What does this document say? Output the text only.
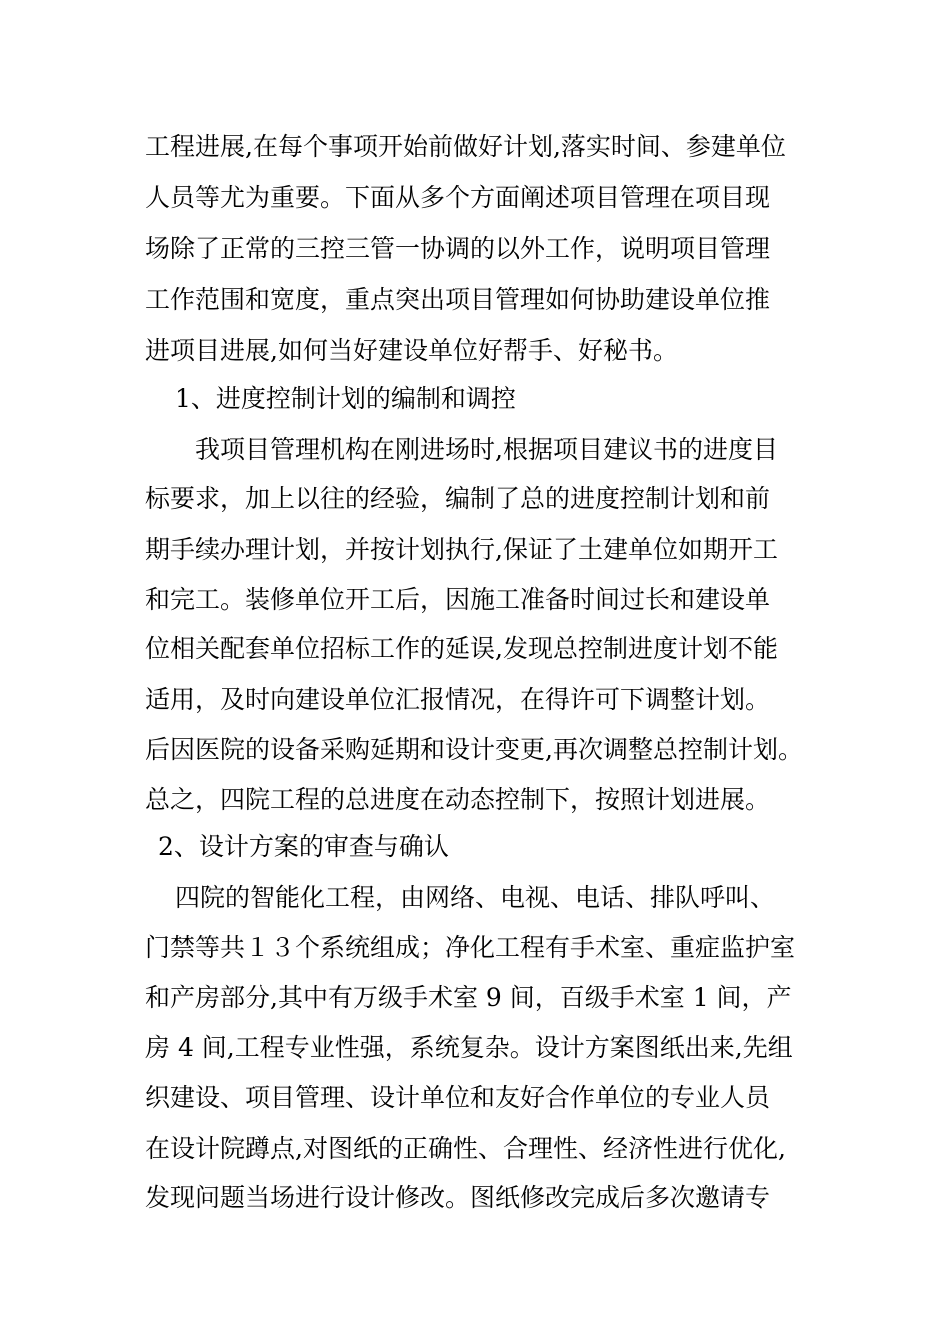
工程进展,在每个事项开始前做好计划,落实时间、参建单位
人员等尤为重要。下面从多个方面阐述项目管理在项目现
场除了正常的三控三管一协调的以外工作，说明项目管理
工作范围和宽度，重点突出项目管理如何协助建设单位推
进项目进展,如何当好建设单位好帮手、好秘书。
1、进度控制计划的编制和调控
我项目管理机构在刚进场时,根据项目建议书的进度目
标要求，加上以往的经验，编制了总的进度控制计划和前
期手续办理计划，并按计划执行,保证了土建单位如期开工
和完工。装修单位开工后，因施工准备时间过长和建设单
位相关配套单位招标工作的延误,发现总控制进度计划不能
适用，及时向建设单位汇报情况，在得许可下调整计划。
后因医院的设备采购延期和设计变更,再次调整总控制计划。
总之，四院工程的总进度在动态控制下，按照计划进展。
2、设计方案的审查与确认
四院的智能化工程，由网络、电视、电话、排队呼叫、
门禁等共１３个系统组成；净化工程有手术室、重症监护室
和产房部分,其中有万级手术室 9 间，百级手术室 1 间，产
房 4 间,工程专业性强，系统复杂。设计方案图纸出来,先组
织建设、项目管理、设计单位和友好合作单位的专业人员
在设计院蹲点,对图纸的正确性、合理性、经济性进行优化,
发现问题当场进行设计修改。图纸修改完成后多次邀请专
